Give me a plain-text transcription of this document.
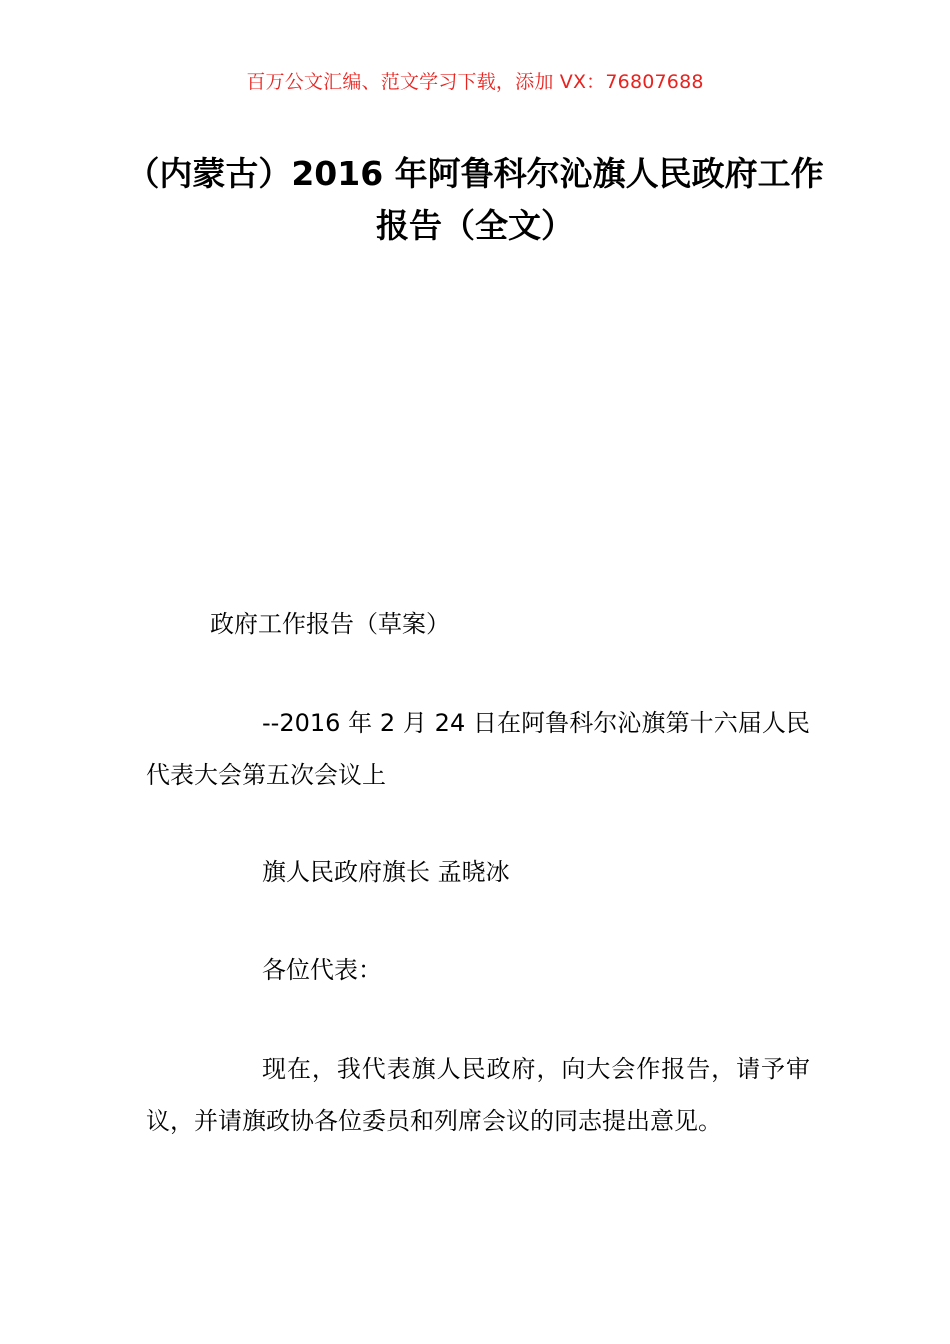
百万公文汇编、范文学习下载，添加 VX：76807688
（内蒙古）2016 年阿鲁科尔沁旗人民政府工作报告（全文）
政府工作报告（草案）
--2016 年 2 月 24 日在阿鲁科尔沁旗第十六届人民代表大会第五次会议上
旗人民政府旗长 孟晓冰
各位代表：
现在，我代表旗人民政府，向大会作报告，请予审议，并请旗政协各位委员和列席会议的同志提出意见。
